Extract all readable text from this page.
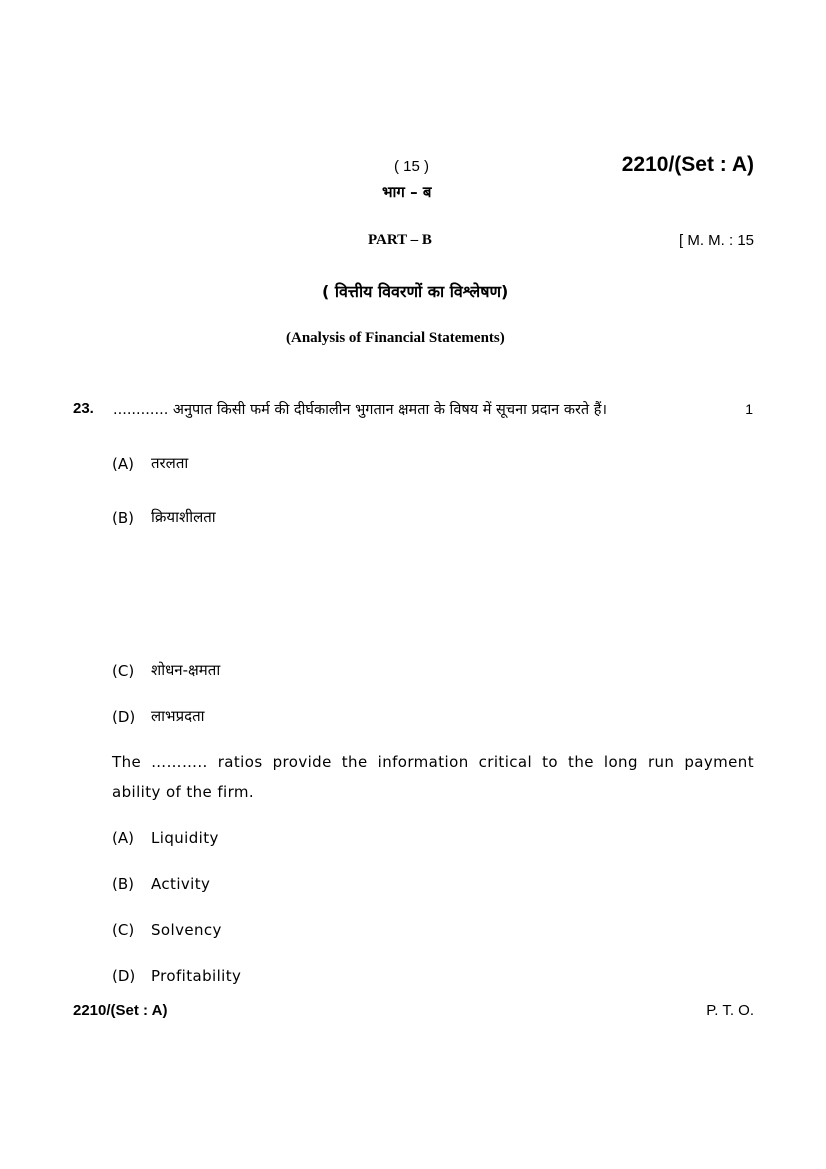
( 15 )	2210/(Set : A)
भाग – ब
PART – B	[ M. M. : 15
( वित्तीय विवरणों का विश्लेषण)
(Analysis of Financial Statements)
23. ............ अनुपात किसी फर्म की दीर्घकालीन भुगतान क्षमता के विषय में सूचना प्रदान करते हैं।	1
(A) तरलता
(B) क्रियाशीलता
(C) शोधन-क्षमता
(D) लाभप्रदता
The ……….. ratios provide the information critical to the long run payment
ability of the firm.
(A) Liquidity
(B) Activity
(C) Solvency
(D) Profitability
2210/(Set : A)	P. T. O.
